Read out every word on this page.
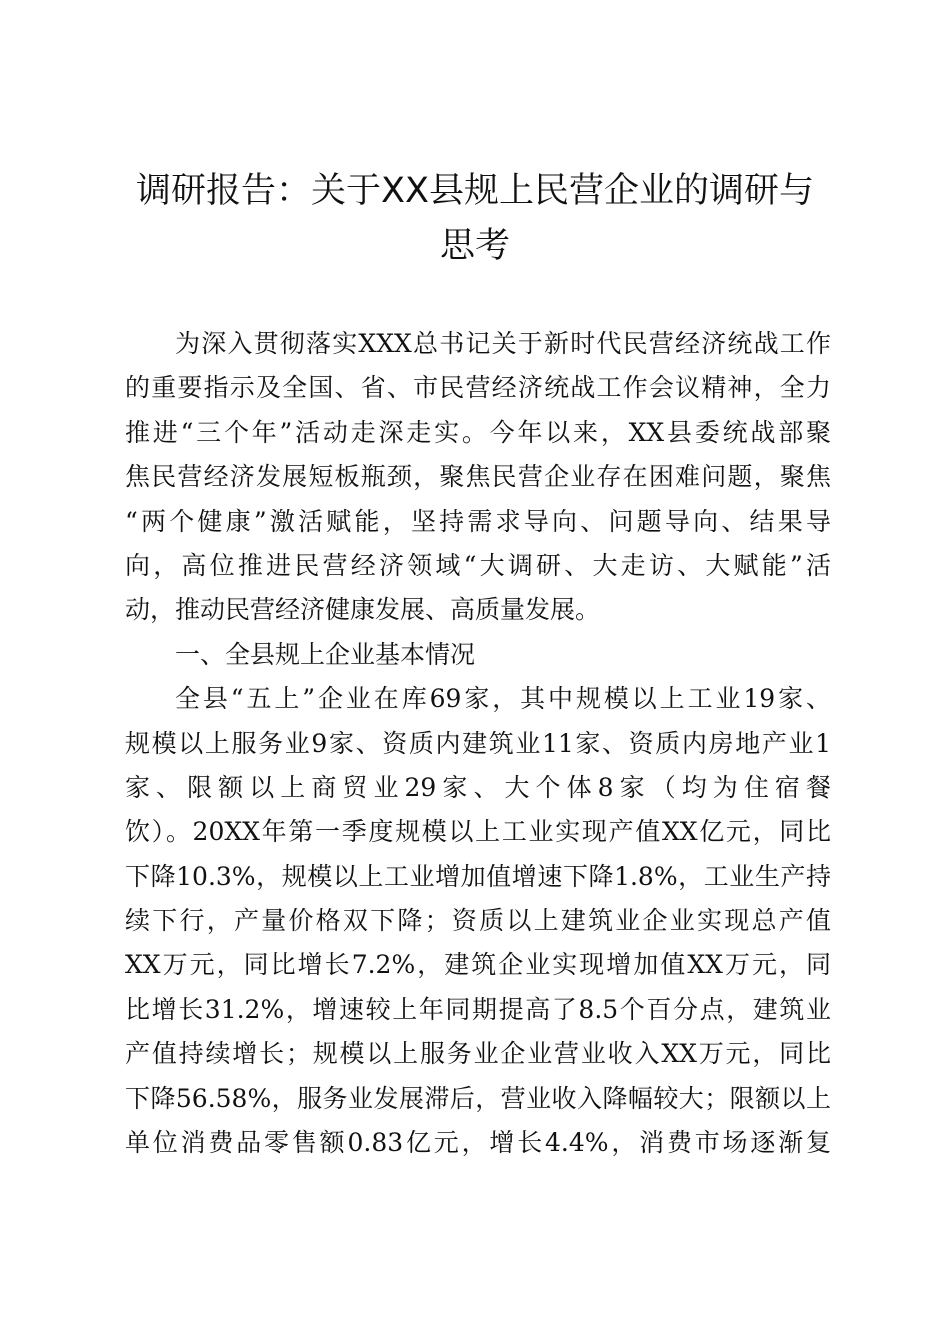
调研报告：关于XX县规上民营企业的调研与
思考
为深入贯彻落实XXX总书记关于新时代民营经济统战工作
的重要指示及全国、省、市民营经济统战工作会议精神，全力
推进“三个年”活动走深走实。今年以来，XX县委统战部聚
焦民营经济发展短板瓶颈，聚焦民营企业存在困难问题，聚焦
“两个健康”激活赋能，坚持需求导向、问题导向、结果导
向，高位推进民营经济领域“大调研、大走访、大赋能”活
动，推动民营经济健康发展、高质量发展。
一、全县规上企业基本情况
全县“五上”企业在库69家，其中规模以上工业19家、
规模以上服务业9家、资质内建筑业11家、资质内房地产业1
家、限额以上商贸业29家、大个体8家（均为住宿餐
饮）。20XX年第一季度规模以上工业实现产值XX亿元，同比
下降10.3%，规模以上工业增加值增速下降1.8%，工业生产持
续下行，产量价格双下降；资质以上建筑业企业实现总产值
XX万元，同比增长7.2%，建筑企业实现增加值XX万元，同
比增长31.2%，增速较上年同期提高了8.5个百分点，建筑业
产值持续增长；规模以上服务业企业营业收入XX万元，同比
下降56.58%，服务业发展滞后，营业收入降幅较大；限额以上
单位消费品零售额0.83亿元，增长4.4%，消费市场逐渐复
